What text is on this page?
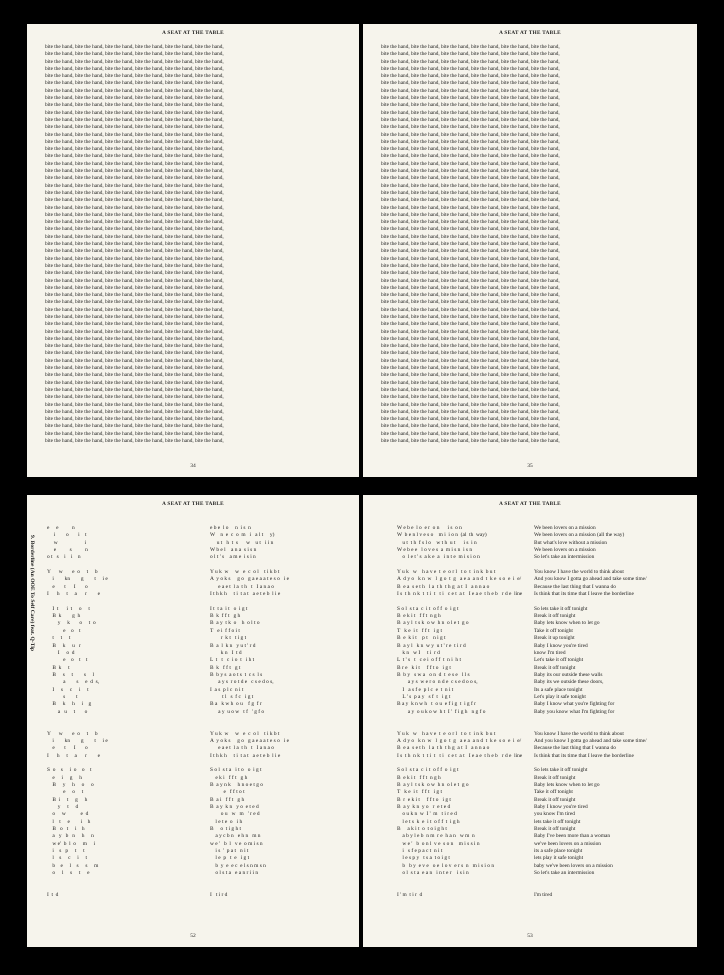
A SEAT AT THE TABLE
bite the hand, bite the hand, bite the hand, bite the hand, bite the hand, bite the hand,
bite the hand, bite the hand, bite the hand, bite the hand, bite the hand, bite the hand,
bite the hand, bite the hand, bite the hand, bite the hand, bite the hand, bite the hand,
bite the hand, bite the hand, bite the hand, bite the hand, bite the hand, bite the hand,
bite the hand, bite the hand, bite the hand, bite the hand, bite the hand, bite the hand,
bite the hand, bite the hand, bite the hand, bite the hand, bite the hand, bite the hand,
bite the hand, bite the hand, bite the hand, bite the hand, bite the hand, bite the hand,
bite the hand, bite the hand, bite the hand, bite the hand, bite the hand, bite the hand,
bite the hand, bite the hand, bite the hand, bite the hand, bite the hand, bite the hand,
bite the hand, bite the hand, bite the hand, bite the hand, bite the hand, bite the hand,
bite the hand, bite the hand, bite the hand, bite the hand, bite the hand, bite the hand,
bite the hand, bite the hand, bite the hand, bite the hand, bite the hand, bite the hand,
bite the hand, bite the hand, bite the hand, bite the hand, bite the hand, bite the hand,
bite the hand, bite the hand, bite the hand, bite the hand, bite the hand, bite the hand,
bite the hand, bite the hand, bite the hand, bite the hand, bite the hand, bite the hand,
bite the hand, bite the hand, bite the hand, bite the hand, bite the hand, bite the hand,
bite the hand, bite the hand, bite the hand, bite the hand, bite the hand, bite the hand,
bite the hand, bite the hand, bite the hand, bite the hand, bite the hand, bite the hand,
bite the hand, bite the hand, bite the hand, bite the hand, bite the hand, bite the hand,
bite the hand, bite the hand, bite the hand, bite the hand, bite the hand, bite the hand,
bite the hand, bite the hand, bite the hand, bite the hand, bite the hand, bite the hand,
bite the hand, bite the hand, bite the hand, bite the hand, bite the hand, bite the hand,
bite the hand, bite the hand, bite the hand, bite the hand, bite the hand, bite the hand,
bite the hand, bite the hand, bite the hand, bite the hand, bite the hand, bite the hand,
bite the hand, bite the hand, bite the hand, bite the hand, bite the hand, bite the hand,
bite the hand, bite the hand, bite the hand, bite the hand, bite the hand, bite the hand,
bite the hand, bite the hand, bite the hand, bite the hand, bite the hand, bite the hand,
bite the hand, bite the hand, bite the hand, bite the hand, bite the hand, bite the hand,
bite the hand, bite the hand, bite the hand, bite the hand, bite the hand, bite the hand,
bite the hand, bite the hand, bite the hand, bite the hand, bite the hand, bite the hand,
bite the hand, bite the hand, bite the hand, bite the hand, bite the hand, bite the hand,
bite the hand, bite the hand, bite the hand, bite the hand, bite the hand, bite the hand,
bite the hand, bite the hand, bite the hand, bite the hand, bite the hand, bite the hand,
bite the hand, bite the hand, bite the hand, bite the hand, bite the hand, bite the hand,
bite the hand, bite the hand, bite the hand, bite the hand, bite the hand, bite the hand,
bite the hand, bite the hand, bite the hand, bite the hand, bite the hand, bite the hand,
bite the hand, bite the hand, bite the hand, bite the hand, bite the hand, bite the hand,
bite the hand, bite the hand, bite the hand, bite the hand, bite the hand, bite the hand,
bite the hand, bite the hand, bite the hand, bite the hand, bite the hand, bite the hand,
bite the hand, bite the hand, bite the hand, bite the hand, bite the hand, bite the hand,
bite the hand, bite the hand, bite the hand, bite the hand, bite the hand, bite the hand,
bite the hand, bite the hand, bite the hand, bite the hand, bite the hand, bite the hand,
bite the hand, bite the hand, bite the hand, bite the hand, bite the hand, bite the hand,
bite the hand, bite the hand, bite the hand, bite the hand, bite the hand, bite the hand,
bite the hand, bite the hand, bite the hand, bite the hand, bite the hand, bite the hand,
bite the hand, bite the hand, bite the hand, bite the hand, bite the hand, bite the hand,
bite the hand, bite the hand, bite the hand, bite the hand, bite the hand, bite the hand,
bite the hand, bite the hand, bite the hand, bite the hand, bite the hand, bite the hand,
bite the hand, bite the hand, bite the hand, bite the hand, bite the hand, bite the hand,
bite the hand, bite the hand, bite the hand, bite the hand, bite the hand, bite the hand,
bite the hand, bite the hand, bite the hand, bite the hand, bite the hand, bite the hand,
bite the hand, bite the hand, bite the hand, bite the hand, bite the hand, bite the hand,
bite the hand, bite the hand, bite the hand, bite the hand, bite the hand, bite the hand,
bite the hand, bite the hand, bite the hand, bite the hand, bite the hand, bite the hand,
bite the hand, bite the hand, bite the hand, bite the hand, bite the hand, bite the hand,
34
A SEAT AT THE TABLE
bite the hand, bite the hand, bite the hand, bite the hand, bite the hand, bite the hand,
bite the hand, bite the hand, bite the hand, bite the hand, bite the hand, bite the hand,
bite the hand, bite the hand, bite the hand, bite the hand, bite the hand, bite the hand,
bite the hand, bite the hand, bite the hand, bite the hand, bite the hand, bite the hand,
bite the hand, bite the hand, bite the hand, bite the hand, bite the hand, bite the hand,
bite the hand, bite the hand, bite the hand, bite the hand, bite the hand, bite the hand,
bite the hand, bite the hand, bite the hand, bite the hand, bite the hand, bite the hand,
bite the hand, bite the hand, bite the hand, bite the hand, bite the hand, bite the hand,
bite the hand, bite the hand, bite the hand, bite the hand, bite the hand, bite the hand,
bite the hand, bite the hand, bite the hand, bite the hand, bite the hand, bite the hand,
bite the hand, bite the hand, bite the hand, bite the hand, bite the hand, bite the hand,
bite the hand, bite the hand, bite the hand, bite the hand, bite the hand, bite the hand,
bite the hand, bite the hand, bite the hand, bite the hand, bite the hand, bite the hand,
bite the hand, bite the hand, bite the hand, bite the hand, bite the hand, bite the hand,
bite the hand, bite the hand, bite the hand, bite the hand, bite the hand, bite the hand,
bite the hand, bite the hand, bite the hand, bite the hand, bite the hand, bite the hand,
bite the hand, bite the hand, bite the hand, bite the hand, bite the hand, bite the hand,
bite the hand, bite the hand, bite the hand, bite the hand, bite the hand, bite the hand,
bite the hand, bite the hand, bite the hand, bite the hand, bite the hand, bite the hand,
bite the hand, bite the hand, bite the hand, bite the hand, bite the hand, bite the hand,
bite the hand, bite the hand, bite the hand, bite the hand, bite the hand, bite the hand,
bite the hand, bite the hand, bite the hand, bite the hand, bite the hand, bite the hand,
bite the hand, bite the hand, bite the hand, bite the hand, bite the hand, bite the hand,
bite the hand, bite the hand, bite the hand, bite the hand, bite the hand, bite the hand,
bite the hand, bite the hand, bite the hand, bite the hand, bite the hand, bite the hand,
bite the hand, bite the hand, bite the hand, bite the hand, bite the hand, bite the hand,
bite the hand, bite the hand, bite the hand, bite the hand, bite the hand, bite the hand,
bite the hand, bite the hand, bite the hand, bite the hand, bite the hand, bite the hand,
bite the hand, bite the hand, bite the hand, bite the hand, bite the hand, bite the hand,
bite the hand, bite the hand, bite the hand, bite the hand, bite the hand, bite the hand,
bite the hand, bite the hand, bite the hand, bite the hand, bite the hand, bite the hand,
bite the hand, bite the hand, bite the hand, bite the hand, bite the hand, bite the hand,
bite the hand, bite the hand, bite the hand, bite the hand, bite the hand, bite the hand,
bite the hand, bite the hand, bite the hand, bite the hand, bite the hand, bite the hand,
bite the hand, bite the hand, bite the hand, bite the hand, bite the hand, bite the hand,
bite the hand, bite the hand, bite the hand, bite the hand, bite the hand, bite the hand,
bite the hand, bite the hand, bite the hand, bite the hand, bite the hand, bite the hand,
bite the hand, bite the hand, bite the hand, bite the hand, bite the hand, bite the hand,
bite the hand, bite the hand, bite the hand, bite the hand, bite the hand, bite the hand,
bite the hand, bite the hand, bite the hand, bite the hand, bite the hand, bite the hand,
bite the hand, bite the hand, bite the hand, bite the hand, bite the hand, bite the hand,
bite the hand, bite the hand, bite the hand, bite the hand, bite the hand, bite the hand,
bite the hand, bite the hand, bite the hand, bite the hand, bite the hand, bite the hand,
bite the hand, bite the hand, bite the hand, bite the hand, bite the hand, bite the hand,
bite the hand, bite the hand, bite the hand, bite the hand, bite the hand, bite the hand,
bite the hand, bite the hand, bite the hand, bite the hand, bite the hand, bite the hand,
bite the hand, bite the hand, bite the hand, bite the hand, bite the hand, bite the hand,
bite the hand, bite the hand, bite the hand, bite the hand, bite the hand, bite the hand,
bite the hand, bite the hand, bite the hand, bite the hand, bite the hand, bite the hand,
bite the hand, bite the hand, bite the hand, bite the hand, bite the hand, bite the hand,
bite the hand, bite the hand, bite the hand, bite the hand, bite the hand, bite the hand,
bite the hand, bite the hand, bite the hand, bite the hand, bite the hand, bite the hand,
bite the hand, bite the hand, bite the hand, bite the hand, bite the hand, bite the hand,
bite the hand, bite the hand, bite the hand, bite the hand, bite the hand, bite the hand,
bite the hand, bite the hand, bite the hand, bite the hand, bite the hand, bite the hand,
35
A SEAT AT THE TABLE
9. Borderline (An OOE To Self Care) feat. Q-Tip
e     e          n
i        o       i    t
w                    i
e          s          n
o t   s    i    i    n
Y      w       e  o     t     b
i        kn        g        t     i e
e       t      I       o
I      h     t     a      r        e
I  t      i  t     o     t
B  k        g  h
y     k       o     t  o
e    o    t
t     t     t
B     k     u   r
I     o  d
e    o    t    t
B  k     t
B     s     t        s     l
a        s     e  d  s,
I     s     c     i     t
s        t
B     k     h     i    g
a   u     t       o
Y      w       e  o     t     b
i        kn        g        t     i e
e       t      I       o
I      h     t     a      r        e
S  o    s     i  o    o    t
e     i     g     h
B     y     h     o     o
e     o     t
B  i     t     g     h
y     t     d
o     w           e  d
l    t     e        i    h
B   o   t     i    h
a   y   b   n     h     n
w e'  b  l  o     m     i
i    s   p     t     t
l    s     c     i     t
b    e     l    s     s     m
o     l     s     t     e
I  t  d
e b e  l o     n  i s  n
W    n  e  c  o  m   i   a l t     y)
u t   h  t  s      w    u t   i i n
W b e l    a n a  s i s n
o l t ' s    a m e  i s i n
Y u k  w     w   e  c  o l    t i k b t
A  y o k s     g o   g a e a a t e s o   i e
e a e t  l a  t h   t   I a n a o
I t h k h     t i  t a t   a e t e b  l i e
I t  t a  i t   o  i g t
B  k  f f t   g h
B  a y  t k  o    h  o l t o
T   e i  f f o i t
r  k t   t i g t
B  a  l  k n   y u t ' r d
k n   I  t d
L  t   t   c  i o  t   i h t
B  k   f f t   g t
B  b y s  a o t s  t  c s  l s
a y s  r o t d e   c s e d o s,
I  a s  p l c  n i t
t l   s  f c   i g t
B a   k w h  o u    f g  f r
a y  u o w   t f   ' g f o
Y u k  w     w   e  c  o l    t i k b t
A  y o k s     g o   g a e a a t e s o   i e
e a e t  l a  t h   t   I a n a o
I t h k h     t i  t a t   a e t e b  l i e
S o l  s t a   i t o   o  i g t
e k i   f f t   g h
B  a y n k     h n o e t g o
e   f f t o t
B  a i   f f t   g h
B  a y  k n   y o  e t e d
o u   w   m   ' r e d
l e t e  o   i h
B     o  t i g h t
a y c b n   e h n   m n
w e '   b  l   v e  o m i s n
i s  '  p a t   n i t
l e  p   t  e   i g t
b  y  e  e c  e l s n m s n
o l s t a   e a n r i i n
I   t i r d
52
A SEAT AT THE TABLE
W e b e  l o  e r  o n      i s  o n
W  b e n l v e s o    m i  i o n  (al  th  way)
u t  t h  f s l o    w t h  u t      i s  i n
W e b e e   l o v e s  a  m i s n  i s n
o  l e t ' s  a k e  a   i n t e  m i s i o n
Y u k   w    h a v e  t  e  o r l   t o  t  i n k  b u t
A  d y o   k n  w   l  g o  t  g   a e a  a n d  t  k e  s o  e  i  e/
B  e a  s e t h   l a  t h  t h g  a t  I   a n n a o
I s  t h  n k  t  t i  t   t i   c e t  a t   I e a e  t h e b   r d e  line
S o l  s t a  c  i t  o f f  o  i g t
B  e k i t   f f t  n g h
B  a y l  t s k  o w  h n  o l e t  g o
T   k e  i t   f f t   i g t
B  e  k i t    p t    n i g t
B  a y l   k n  w y  u t ' r e  t i r d
k n   w I     t i  r d
L  t ' s   t   c e i  o f f  t  n i  h t
B r e   k i t     f f t o   i g t
B  b y   s w a   o n  d  t  e s e   l l s
a y s  w e r o  n d e  c s e d o o s,
I   a s f e  p l c  e  t  n i t
L ' s  p a y   s f  t   i g t
B a y  k n w h   t  o u  e f i g  t  i g f r
a y  o u k o w  h t  I '  f i g h   n g f o
Y u k   w    h a v e  t  e  o r l   t o  t  i n k  b u t
A  d y o   k n  w   l  g o  t  g   a e a  a n d  t  k e  s o  e  i  e/
B  e a  s e t h   l a  t h  t h g  a t  I   a n n a o
I s  t h  n k  t  t i  t   t i   c e t  a t   I e a e  t h e b   r d e  line
S o l  s t a  c  i t  o f f  o  i g t
B  e k i t   f f t  n g h
B  a y l  t s k  o w  h n  o l e t  g o
T   k e  i t   f f t   i g t
B  r  e k i t     f f t o   i g t
B  a y  k n  y o   r  e t e d
o u k n  w  I '  m   t i r e d
l e t s  k  e  i t  o f f  t  i g h
B     a k i t  o  t o i g h t
a b y l e b  n m  r e  h a n   w m  n
w e '   b  o n l  v e  s o n    m i s s i n
i   s f e p a c t  n i t
l e s p y   t s a  t o i g t
b   b y  e v e   o e  l o v  e r s  n   m i s i o n
o l  s t a  e a n   i n t e r    i s i n
I ' m  t i r  d
We been lovers on a mission
We been lovers on a mission (all the way)
But what's love without a mission
We been lovers on a mission
So let's take an intermission
You know I have the world to think about
And you know I gotta go ahead and take some time/
Because the last thing that I wanna do
Is think that its time that I leave the borderline
So lets take it off tonight
Break it off tonight
Baby lets know when to let go
Take it off tonight
Break it up tonight
Baby I know you're tired
know I'm tired
Let's take it off tonight
Break it off tonight
Baby its our outside these walls
Baby its we outside these doors,
Its a safe place tonight
Let's play it safe tonight
Baby I know what you're fighting for
Baby you know what I'm fighting for
You know I have the world to think about
And you know I gotta go ahead and take some time/
Because the last thing that I wanna do
Is think that its time that I leave the borderline
So lets take it off tonight
Break it off tonight
Baby lets know when to let go
Take it off tonight
Break it off tonight
Baby I know you're tired
you know I'm tired
lets take it off tonight
Break it off tonight
Baby I've been more than a woman
we've been lovers on a mission
its a safe place tonight
lets play it safe tonight
baby we've been lovers on a mission
So let's take an intermission
I'm tired
53
